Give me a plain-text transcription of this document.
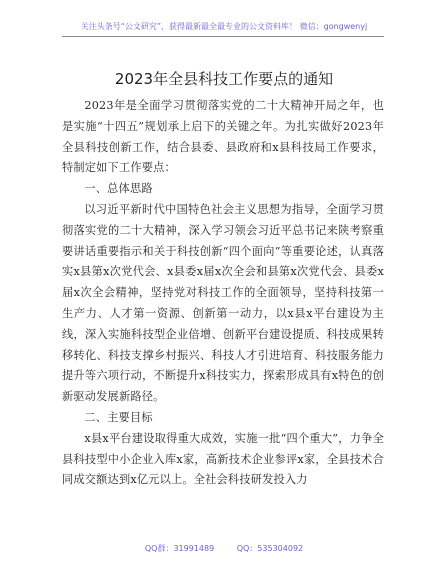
关注头条号“公文研究”，获得最新最全最专业的公文资料库！ 微信：gongwenyj
2023年全县科技工作要点的通知

2023年是全面学习贯彻落实党的二十大精神开局之年，也是实施“十四五”规划承上启下的关键之年。为扎实做好2023年全县科技创新工作，结合县委、县政府和x县科技局工作要求，特制定如下工作要点：

一、总体思路

以习近平新时代中国特色社会主义思想为指导，全面学习贯彻落实党的二十大精神，深入学习领会习近平总书记来陕考察重要讲话重要指示和关于科技创新“四个面向”等重要论述，认真落实x县第x次党代会、x县委x届x次全会和县第x次党代会、县委x届x次全会精神，坚持党对科技工作的全面领导，坚持科技第一生产力、人才第一资源、创新第一动力，以x县x平台建设为主线，深入实施科技型企业倍增、创新平台建设提质、科技成果转移转化、科技支撑乡村振兴、科技人才引进培育、科技服务能力提升等六项行动，不断提升x科技实力，探索形成具有x特色的创新驱动发展新路径。

二、主要目标

x县x平台建设取得重大成效，实施一批“四个重大”，力争全县科技型中小企业入库x家，高新技术企业参评x家，全县技术合同成交额达到x亿元以上。全社会科技研发投入力

QQ群：31991489	QQ：535304092
